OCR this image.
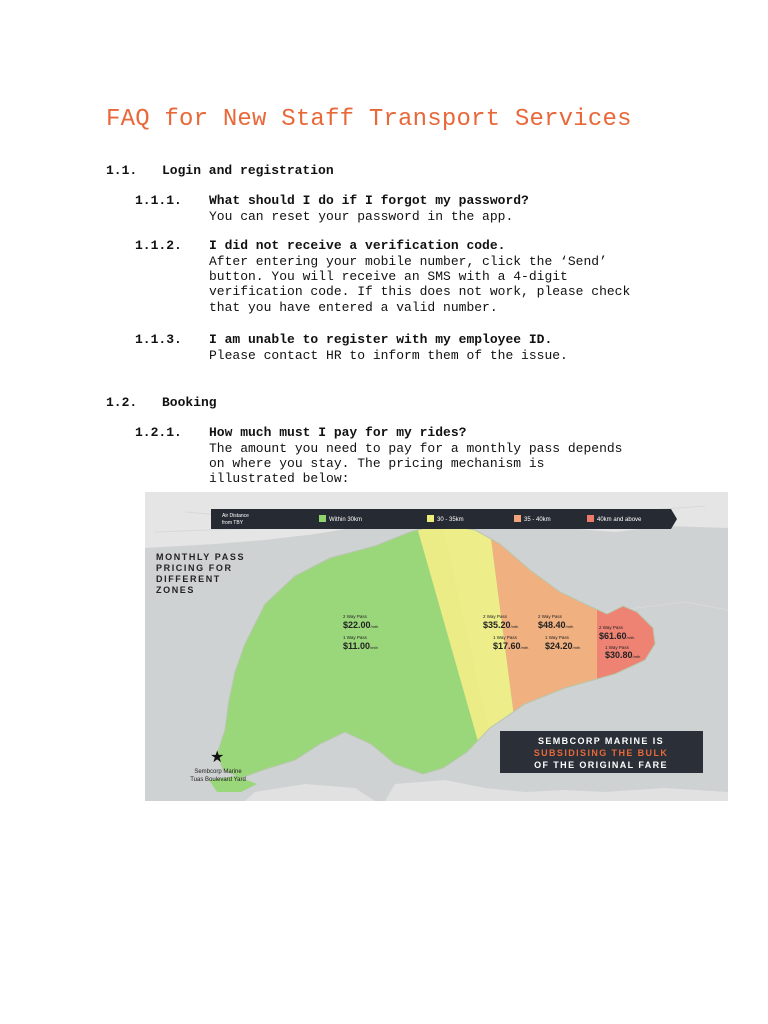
FAQ for New Staff Transport Services
1.1. Login and registration
1.1.1. What should I do if I forgot my password?
You can reset your password in the app.
1.1.2. I did not receive a verification code.
After entering your mobile number, click the ‘Send’
button. You will receive an SMS with a 4-digit
verification code. If this does not work, please check
that you have entered a valid number.
1.1.3. I am unable to register with my employee ID.
Please contact HR to inform them of the issue.
1.2. Booking
1.2.1. How much must I pay for my rides?
The amount you need to pay for a monthly pass depends
on where you stay. The pricing mechanism is
illustrated below:
Air Distance
from TBY	Within 30km	30 - 35km	35 - 40km	40km and above
MONTHLY PASS
PRICING FOR
DIFFERENT
ZONES
2 Way Pass
$22.00/mth
1 Way Pass
$11.00/mth
2 Way Pass
$35.20/mth
1 Way Pass
$17.60/mth
2 Way Pass
$48.40/mth
1 Way Pass
$24.20/mth
2 Way Pass
$61.60/mth
1 Way Pass
$30.80/mth
★
Sembcorp Marine
Tuas Boulevard Yard
SEMBCORP MARINE IS
SUBSIDISING THE BULK
OF THE ORIGINAL FARE
